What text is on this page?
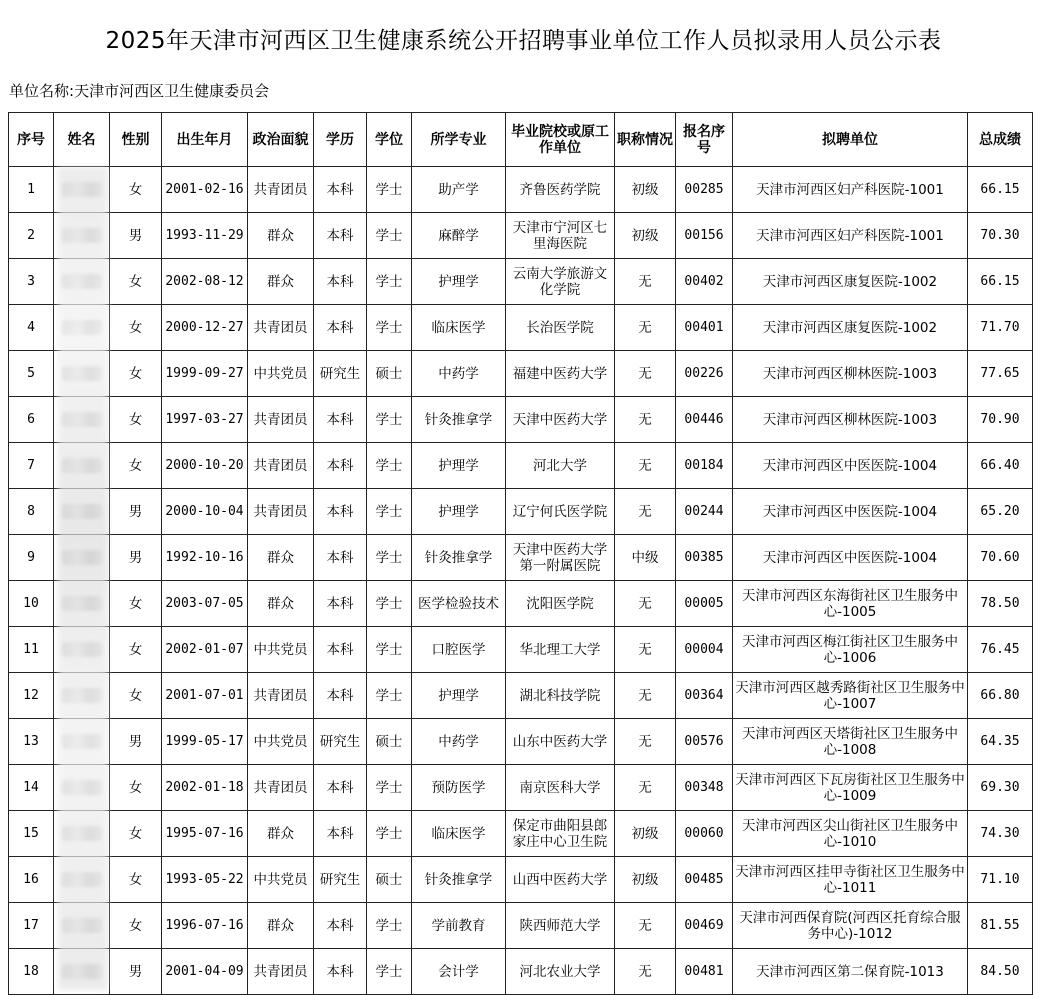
2025年天津市河西区卫生健康系统公开招聘事业单位工作人员拟录用人员公示表
单位名称:天津市河西区卫生健康委员会
序号	姓名	性别	出生年月	政治面貌	学历	学位	所学专业	毕业院校或原工作单位	职称情况	报名序号	拟聘单位	总成绩
1		女	2001-02-16	共青团员	本科	学士	助产学	齐鲁医药学院	初级	00285	天津市河西区妇产科医院-1001	66.15
2		男	1993-11-29	群众	本科	学士	麻醉学	天津市宁河区七里海医院	初级	00156	天津市河西区妇产科医院-1001	70.30
3		女	2002-08-12	群众	本科	学士	护理学	云南大学旅游文化学院	无	00402	天津市河西区康复医院-1002	66.15
4		女	2000-12-27	共青团员	本科	学士	临床医学	长治医学院	无	00401	天津市河西区康复医院-1002	71.70
5		女	1999-09-27	中共党员	研究生	硕士	中药学	福建中医药大学	无	00226	天津市河西区柳林医院-1003	77.65
6		女	1997-03-27	共青团员	本科	学士	针灸推拿学	天津中医药大学	无	00446	天津市河西区柳林医院-1003	70.90
7		女	2000-10-20	共青团员	本科	学士	护理学	河北大学	无	00184	天津市河西区中医医院-1004	66.40
8		男	2000-10-04	共青团员	本科	学士	护理学	辽宁何氏医学院	无	00244	天津市河西区中医医院-1004	65.20
9		男	1992-10-16	群众	本科	学士	针灸推拿学	天津中医药大学第一附属医院	中级	00385	天津市河西区中医医院-1004	70.60
10		女	2003-07-05	群众	本科	学士	医学检验技术	沈阳医学院	无	00005	天津市河西区东海街社区卫生服务中心-1005	78.50
11		女	2002-01-07	中共党员	本科	学士	口腔医学	华北理工大学	无	00004	天津市河西区梅江街社区卫生服务中心-1006	76.45
12		女	2001-07-01	共青团员	本科	学士	护理学	湖北科技学院	无	00364	天津市河西区越秀路街社区卫生服务中心-1007	66.80
13		男	1999-05-17	中共党员	研究生	硕士	中药学	山东中医药大学	无	00576	天津市河西区天塔街社区卫生服务中心-1008	64.35
14		女	2002-01-18	共青团员	本科	学士	预防医学	南京医科大学	无	00348	天津市河西区下瓦房街社区卫生服务中心-1009	69.30
15		女	1995-07-16	群众	本科	学士	临床医学	保定市曲阳县郎家庄中心卫生院	初级	00060	天津市河西区尖山街社区卫生服务中心-1010	74.30
16		女	1993-05-22	中共党员	研究生	硕士	针灸推拿学	山西中医药大学	初级	00485	天津市河西区挂甲寺街社区卫生服务中心-1011	71.10
17		女	1996-07-16	群众	本科	学士	学前教育	陕西师范大学	无	00469	天津市河西保育院(河西区托育综合服务中心)-1012	81.55
18		男	2001-04-09	共青团员	本科	学士	会计学	河北农业大学	无	00481	天津市河西区第二保育院-1013	84.50
